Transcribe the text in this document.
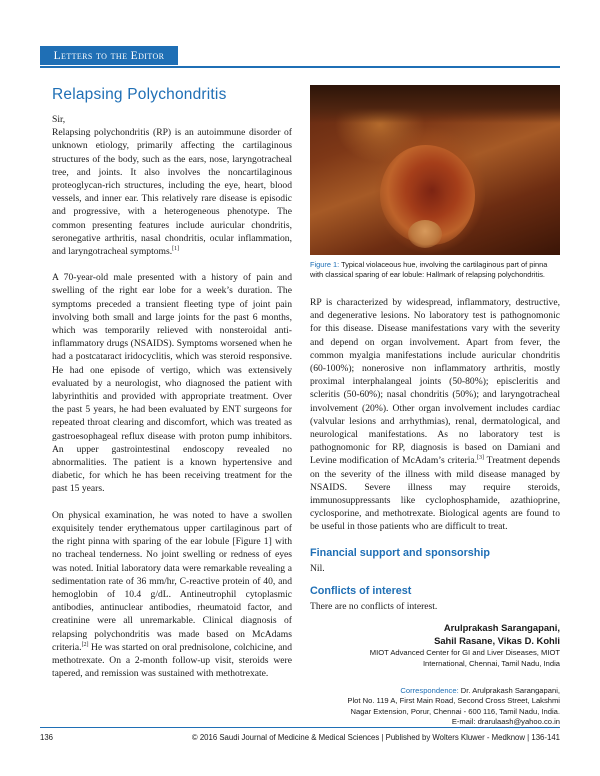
Letters to the Editor
Relapsing Polychondritis

Sir,

Relapsing polychondritis (RP) is an autoimmune disorder of unknown etiology, primarily affecting the cartilaginous structures of the body, such as the ears, nose, laryngotracheal tree, and joints. It also involves the noncartilaginous proteoglycan-rich structures, including the eye, heart, blood vessels, and inner ear. This relatively rare disease is episodic and progressive, with a heterogeneous phenotype. The common presenting features include auricular chondritis, seronegative arthritis, nasal chondritis, ocular inflammation, and laryngotracheal symptoms.[1]

A 70-year-old male presented with a history of pain and swelling of the right ear lobe for a week’s duration. The symptoms preceded a transient fleeting type of joint pain involving both small and large joints for the past 6 months, which was temporarily relieved with nonsteroidal anti-inflammatory drugs (NSAIDS). Symptoms worsened when he had a postcataract iridocyclitis, which was steroid responsive. He had one episode of vertigo, which was extensively evaluated by a neurologist, who diagnosed the patient with labyrinthitis and provided with appropriate treatment. Over the past 5 years, he had been evaluated by ENT surgeons for repeated throat clearing and discomfort, which was treated as gastroesophageal reflux disease with proton pump inhibitors. An upper gastrointestinal endoscopy revealed no abnormalities. The patient is a known hypertensive and diabetic, for which he has been receiving treatment for the past 15 years.

On physical examination, he was noted to have a swollen exquisitely tender erythematous upper cartilaginous part of the right pinna with sparing of the ear lobule [Figure 1] with no tracheal tenderness. No joint swelling or redness of eyes was noted. Initial laboratory data were remarkable revealing a sedimentation rate of 36 mm/hr, C-reactive protein of 40, and hemoglobin of 10.4 g/dL. Antineutrophil cytoplasmic antibodies, antinuclear antibodies, rheumatoid factor, and creatinine were all unremarkable. Clinical diagnosis of relapsing polychondritis was made based on McAdams criteria.[2] He was started on oral prednisolone, colchicine, and methotrexate. On a 2-month follow-up visit, steroids were tapered, and remission was sustained with methotrexate.

Figure 1: Typical violaceous hue, involving the cartilaginous part of pinna with classical sparing of ear lobule: Hallmark of relapsing polychondritis.

RP is characterized by widespread, inflammatory, destructive, and degenerative lesions. No laboratory test is pathognomonic for this disease. Disease manifestations vary with the severity and depend on organ involvement. Apart from fever, the common myalgia manifestations include auricular chondritis (60-100%); nonerosive non inflammatory arthritis, mostly proximal interphalangeal joints (50-80%); episcleritis and scleritis (50-60%); nasal chondritis (50%); and laryngotracheal involvement (20%). Other organ involvement includes cardiac (valvular lesions and arrhythmias), renal, dermatological, and neurological manifestations. As no laboratory test is pathognomonic for RP, diagnosis is based on Damiani and Levine modification of McAdam’s criteria.[3] Treatment depends on the severity of the illness with mild disease managed by NSAIDS. Severe illness may require steroids, immunosuppressants like cyclophosphamide, azathioprine, cyclosporine, and methotrexate. Biological agents are found to be useful in those patients who are difficult to treat.

Financial support and sponsorship
Nil.
Conflicts of interest
There are no conflicts of interest.
Arulprakash Sarangapani,
Sahil Rasane, Vikas D. Kohli
MIOT Advanced Center for GI and Liver Diseases, MIOT
International, Chennai, Tamil Nadu, India
Correspondence: Dr. Arulprakash Sarangapani,
Plot No. 119 A, First Main Road, Second Cross Street, Lakshmi
Nagar Extension, Porur, Chennai - 600 116, Tamil Nadu, India.
E-mail: drarulaash@yahoo.co.in
136	© 2016 Saudi Journal of Medicine & Medical Sciences | Published by Wolters Kluwer - Medknow | 136-141
